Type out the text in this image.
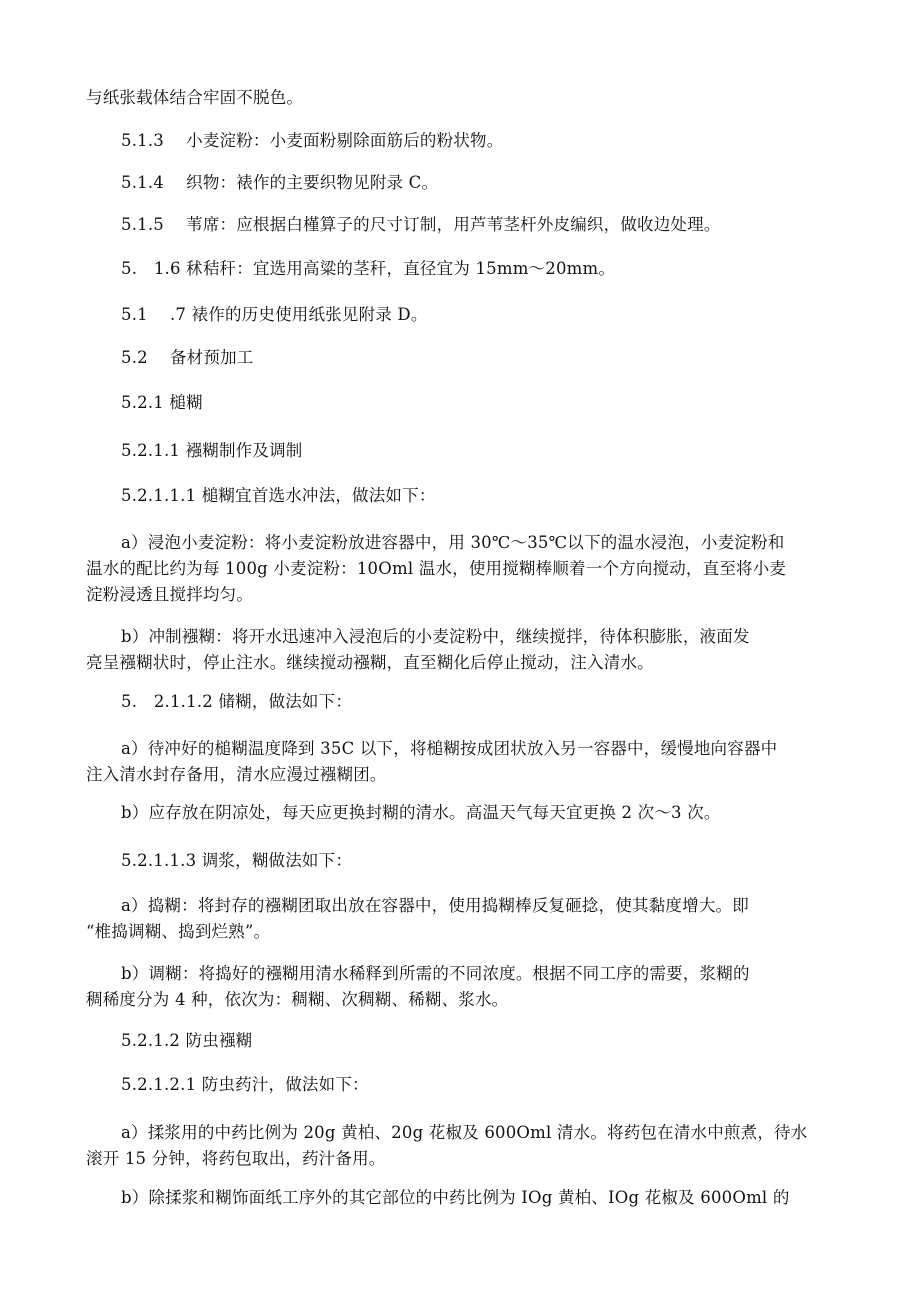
与纸张载体结合牢固不脱色。
5.1.3　 小麦淀粉：小麦面粉剔除面筋后的粉状物。
5.1.4　 织物：裱作的主要织物见附录 C。
5.1.5　 苇席：应根据白槿算子的尺寸订制，用芦苇茎杆外皮编织，做收边处理。
5.　1.6 秫秸秆：宜选用高粱的茎秆，直径宜为 15mm～20mm。
5.1　 .7 裱作的历史使用纸张见附录 D。
5.2　 备材预加工
5.2.1 槌糊
5.2.1.1 襁糊制作及调制
5.2.1.1.1 槌糊宜首选水冲法，做法如下：
a）浸泡小麦淀粉：将小麦淀粉放进容器中，用 30℃～35℃以下的温水浸泡，小麦淀粉和
温水的配比约为每 100g 小麦淀粉：10Oml 温水，使用搅糊棒顺着一个方向搅动，直至将小麦
淀粉浸透且搅拌均匀。
b）冲制襁糊：将开水迅速冲入浸泡后的小麦淀粉中，继续搅拌，待体积膨胀，液面发
亮呈襁糊状时，停止注水。继续搅动襁糊，直至糊化后停止搅动，注入清水。
5.　2.1.1.2 储糊，做法如下：
a）待冲好的槌糊温度降到 35C 以下，将槌糊按成团状放入另一容器中，缓慢地向容器中
注入清水封存备用，清水应漫过襁糊团。
b）应存放在阴凉处，每天应更换封糊的清水。高温天气每天宜更换 2 次～3 次。
5.2.1.1.3 调浆，糊做法如下：
a）捣糊：将封存的襁糊团取出放在容器中，使用捣糊棒反复砸捻，使其黏度增大。即
“椎捣调糊、捣到烂熟”。
b）调糊：将捣好的襁糊用清水稀释到所需的不同浓度。根据不同工序的需要，浆糊的
稠稀度分为 4 种，依次为：稠糊、次稠糊、稀糊、浆水。
5.2.1.2 防虫襁糊
5.2.1.2.1 防虫药汁，做法如下：
a）揉浆用的中药比例为 20g 黄柏、20g 花椒及 600Oml 清水。将药包在清水中煎煮，待水
滚开 15 分钟，将药包取出，药汁备用。
b）除揉浆和糊饰面纸工序外的其它部位的中药比例为 IOg 黄柏、IOg 花椒及 600Oml 的
